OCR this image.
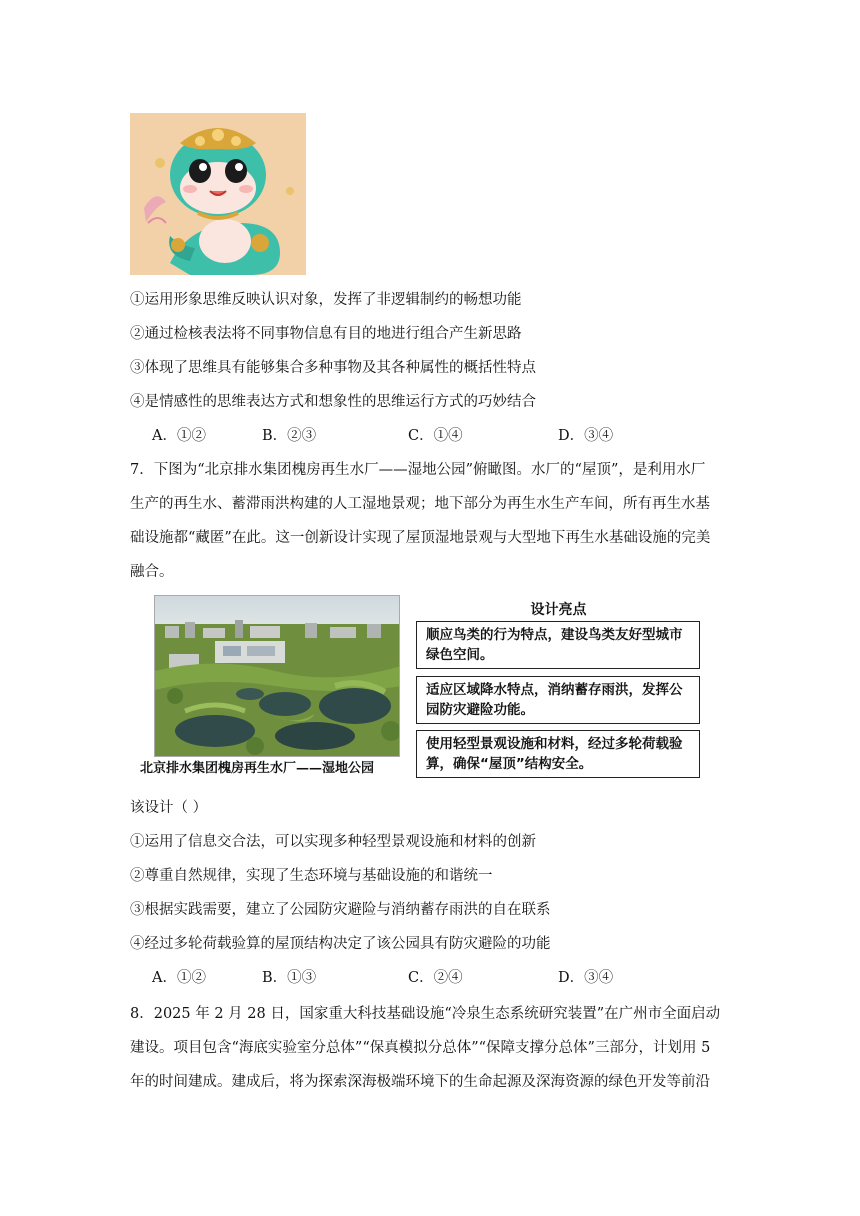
①运用形象思维反映认识对象，发挥了非逻辑制约的畅想功能
②通过检核表法将不同事物信息有目的地进行组合产生新思路
③体现了思维具有能够集合多种事物及其各种属性的概括性特点
④是情感性的思维表达方式和想象性的思维运行方式的巧妙结合
A．①②	B．②③	C．①④	D．③④
7．下图为“北京排水集团槐房再生水厂——湿地公园”俯瞰图。水厂的“屋顶”，是利用水厂
生产的再生水、蓄滞雨洪构建的人工湿地景观；地下部分为再生水生产车间，所有再生水基
础设施都“藏匿”在此。这一创新设计实现了屋顶湿地景观与大型地下再生水基础设施的完美
融合。
北京排水集团槐房再生水厂——湿地公园
设计亮点
顺应鸟类的行为特点，建设鸟类友好型城市绿色空间。
适应区域降水特点，消纳蓄存雨洪，发挥公园防灾避险功能。
使用轻型景观设施和材料，经过多轮荷载验算，确保“屋顶”结构安全。
该设计（ ）
①运用了信息交合法，可以实现多种轻型景观设施和材料的创新
②尊重自然规律，实现了生态环境与基础设施的和谐统一
③根据实践需要，建立了公园防灾避险与消纳蓄存雨洪的自在联系
④经过多轮荷载验算的屋顶结构决定了该公园具有防灾避险的功能
A．①②	B．①③	C．②④	D．③④
8．2025 年 2 月 28 日，国家重大科技基础设施“冷泉生态系统研究装置”在广州市全面启动
建设。项目包含“海底实验室分总体”“保真模拟分总体”“保障支撑分总体”三部分，计划用 5
年的时间建成。建成后，将为探索深海极端环境下的生命起源及深海资源的绿色开发等前沿
